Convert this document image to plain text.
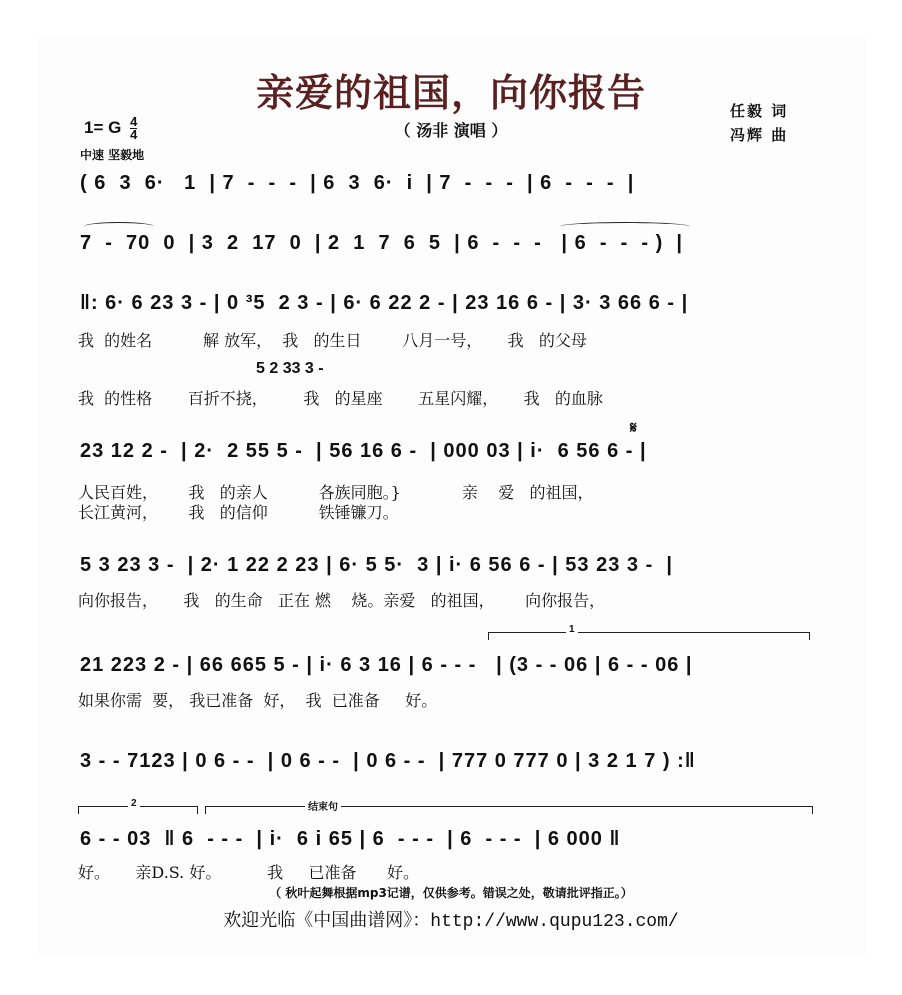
亲爱的祖国，向你报告
（ 汤非 演唱 ）
任毅 词
冯辉 曲
1= G $\frac{4}{4}$
中速 坚毅地
( 6  3  6·   1  | 7  -  -  -  | 6  3  6·  i  | 7  -  -  -  | 6  -  -  -  |
7  -  70  0  | 3  2  17  0  | 2  1  7  6  5  | 6  -  -  -   | 6  -  -  - )  |
‖: 6· 6 23 3 - | 0 ³5  2 3 - | 6· 6 22 2 - | 23 16 6 - | 3· 3 66 6 - |
我  的姓名          解 放军，  我   的生日        八月一号，     我   的父母
5 2 33 3 -
我  的性格       百折不挠，       我   的星座       五星闪耀，     我   的血脉
23 12 2 -  | 2·  2 55 5 -  | 56 16 6 -  | 000 03 | i·  6 56 6 - |
𝄋
人民百姓，      我   的亲人          各族同胞。}            亲    爱   的祖国，
长江黄河，      我   的信仰          铁锤镰刀。
5 3 23 3 -  | 2· 1 22 2 23 | 6· 5 5·  3 | i· 6 56 6 - | 53 23 3 -  |
向你报告，     我   的生命   正在 燃    烧。亲爱   的祖国，      向你报告，
1
21 223 2 - | 66 665 5 - | i· 6 3 16 | 6 - - -   | (3 - - 06 | 6 - - 06 |
如果你需  要， 我已准备  好，  我  已准备     好。
3 - - 7123 | 0 6 - -  | 0 6 - -  | 0 6 - -  | 777 0 777 0 | 3 2 1 7 ) :‖
2	结束句
6 - - 03  ‖ 6  - - -  | i·  6 i 65 | 6  - - -  | 6  - - -  | 6 000 ‖
好。     亲D.S. 好。         我     已准备      好。
（ 秋叶起舞根据mp3记谱，仅供参考。错误之处，敬请批评指正。）
欢迎光临《中国曲谱网》：http://www.qupu123.com/
